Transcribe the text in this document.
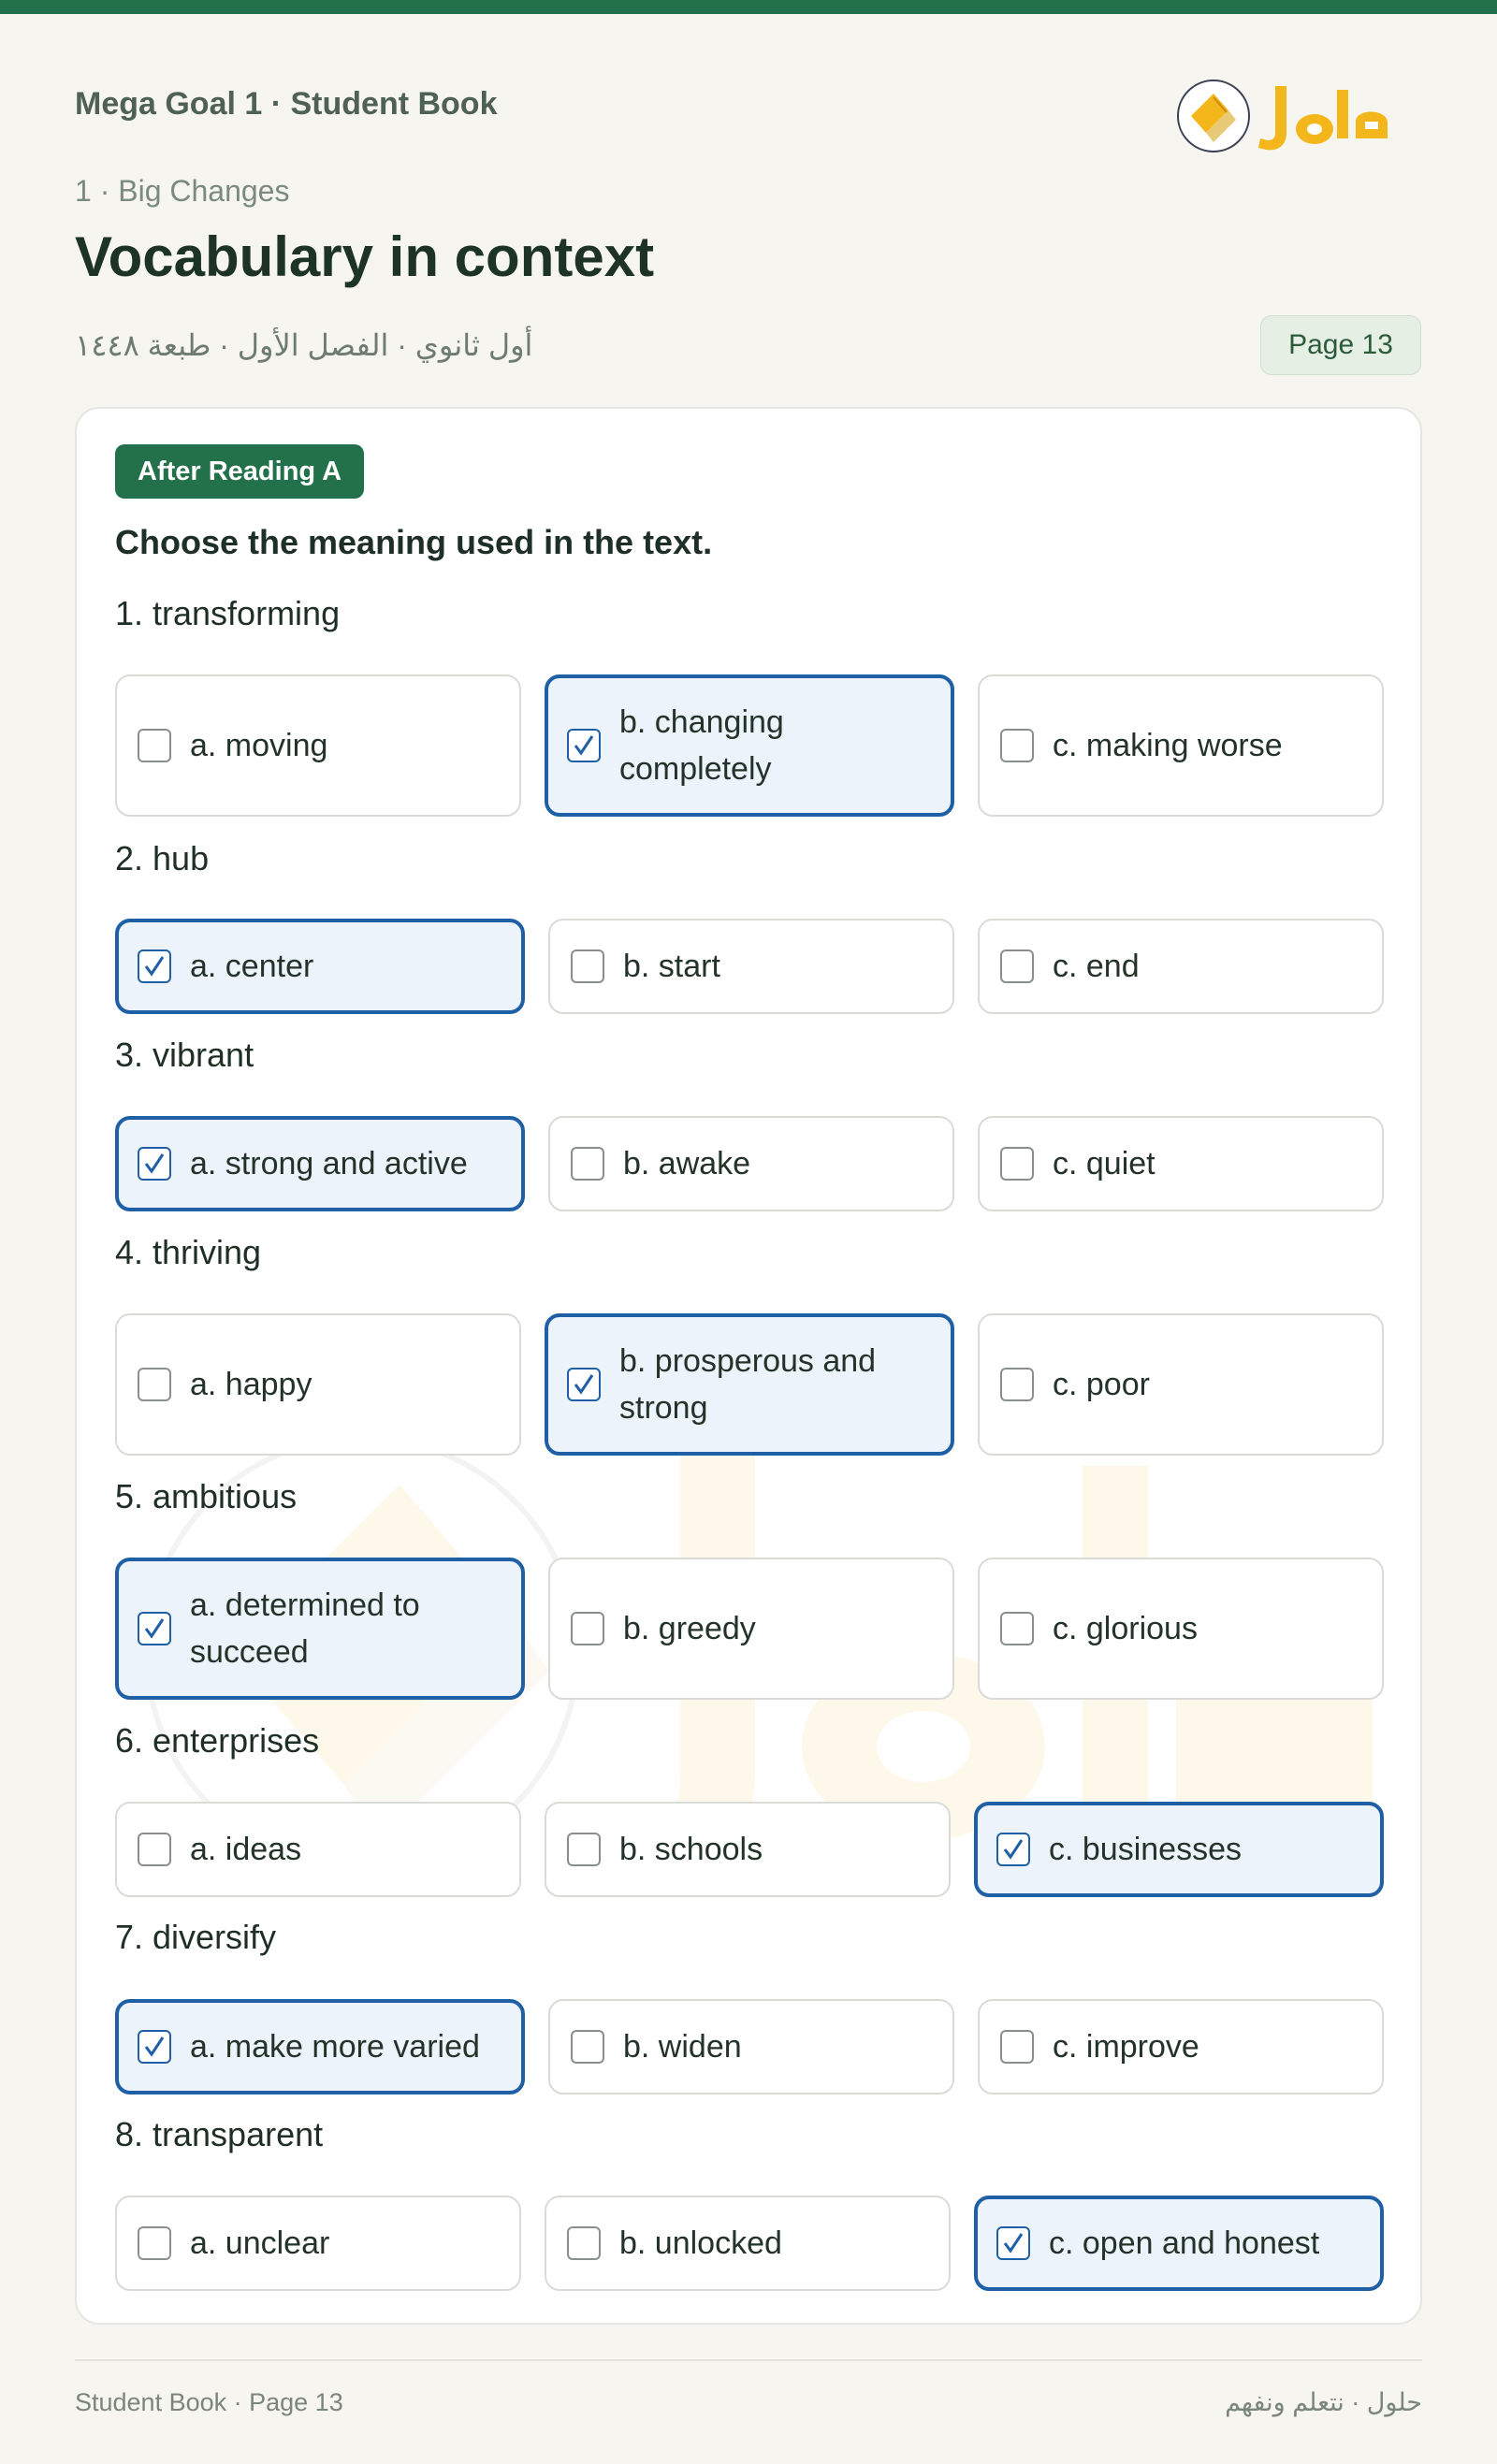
Mega Goal 1 · Student Book
1 · Big Changes
Vocabulary in context
أول ثانوي · الفصل الأول · طبعة ١٤٤٨	Page 13
After Reading A
Choose the meaning used in the text.
1. transforming
a. moving
b. changing completely
c. making worse
2. hub
a. center	b. start	c. end
3. vibrant
a. strong and active	b. awake	c. quiet
4. thriving
a. happy
b. prosperous and strong
c. poor
5. ambitious
a. determined to succeed
b. greedy	c. glorious
6. enterprises
a. ideas	b. schools	c. businesses
7. diversify
a. make more varied	b. widen	c. improve
8. transparent
a. unclear	b. unlocked	c. open and honest
Student Book · Page 13	حلول · نتعلم ونفهم
